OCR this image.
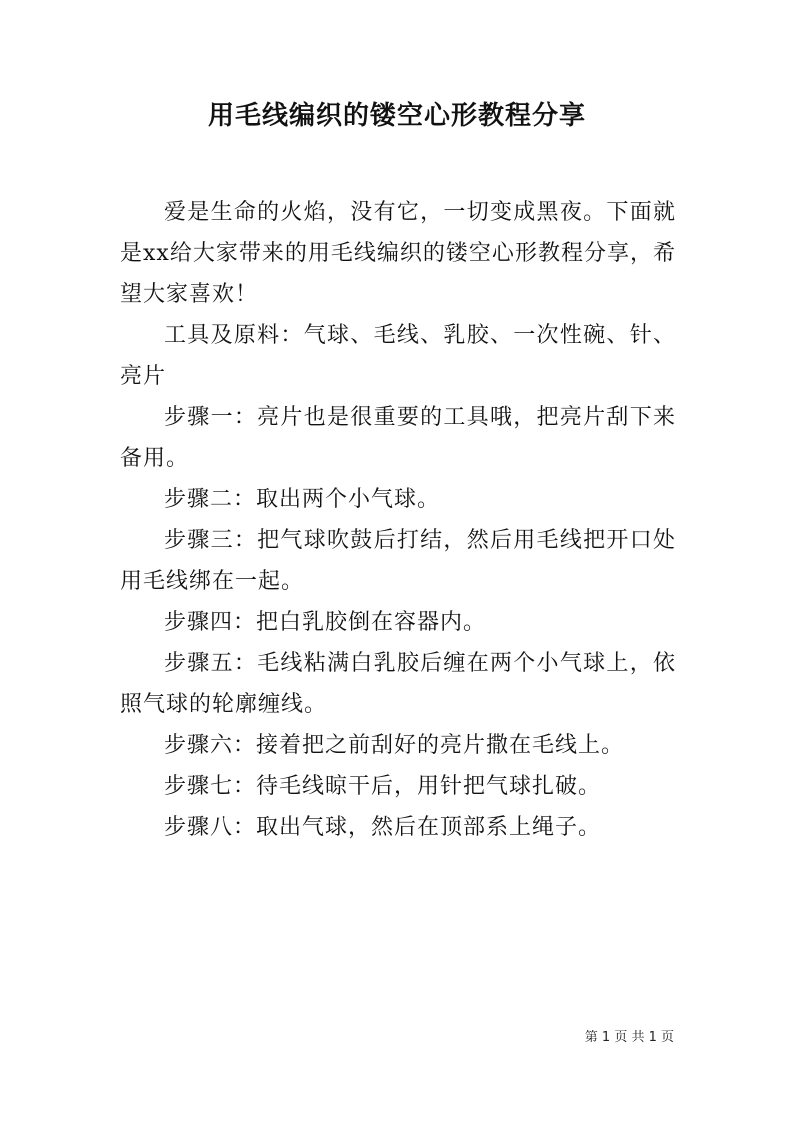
用毛线编织的镂空心形教程分享

爱是生命的火焰，没有它，一切变成黑夜。下面就是xx给大家带来的用毛线编织的镂空心形教程分享，希望大家喜欢！

工具及原料：气球、毛线、乳胶、一次性碗、针、亮片

步骤一：亮片也是很重要的工具哦，把亮片刮下来备用。

步骤二：取出两个小气球。

步骤三：把气球吹鼓后打结，然后用毛线把开口处用毛线绑在一起。

步骤四：把白乳胶倒在容器内。

步骤五：毛线粘满白乳胶后缠在两个小气球上，依照气球的轮廓缠线。

步骤六：接着把之前刮好的亮片撒在毛线上。

步骤七：待毛线晾干后，用针把气球扎破。

步骤八：取出气球，然后在顶部系上绳子。

第 1 页 共 1 页
